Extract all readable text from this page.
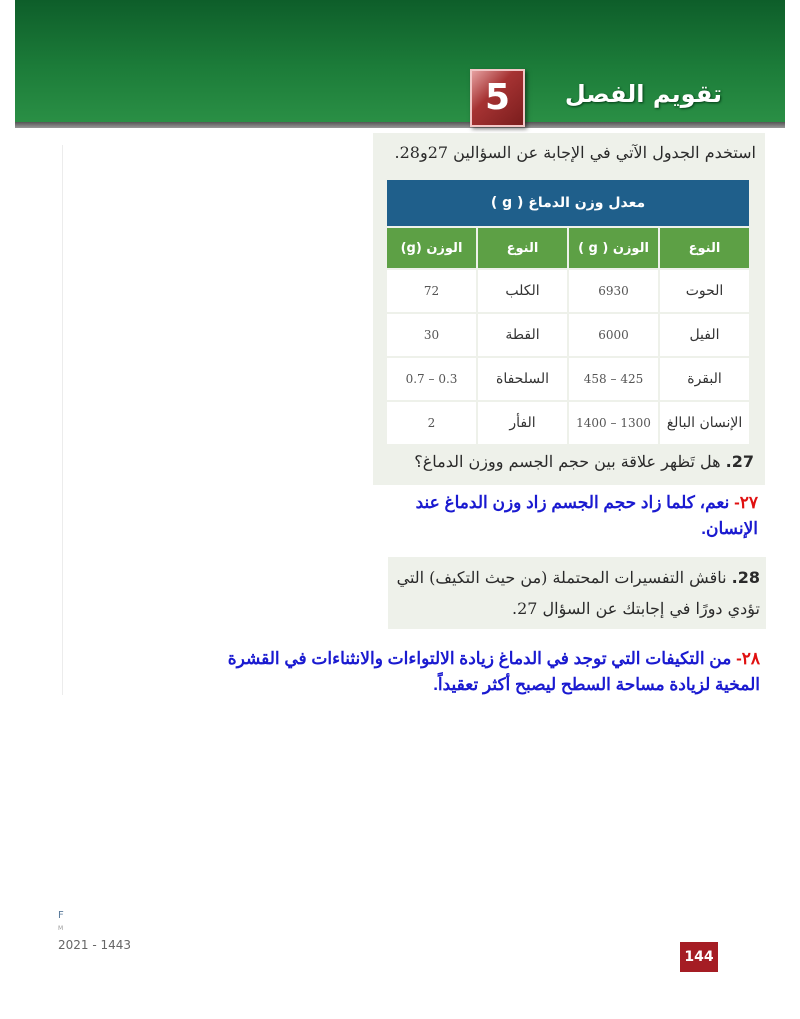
تقويم الفصل
5
استخدم الجدول الآتي في الإجابة عن السؤالين 27و28.
معدل وزن الدماغ ( g )			
النوع	الوزن ( g )	النوع	الوزن (g)
الحوت	6930	الكلب	72
الفيل	6000	القطة	30
البقرة	425 – 458	السلحفاة	0.3 – 0.7
الإنسان البالغ	1300 – 1400	الفأر	2
27. هل تَظهر علاقة بين حجم الجسم ووزن الدماغ؟
٢٧- نعم، كلما زاد حجم الجسم زاد وزن الدماغ عند الإنسان.
28. ناقش التفسيرات المحتملة (من حيث التكيف) التي تؤدي دورًا في إجابتك عن السؤال 27.
٢٨- من التكيفات التي توجد في الدماغ زيادة الالتواءات والانثناءات في القشرة المخية لزيادة مساحة السطح ليصبح أكثر تعقيداً.
F
M
2021 - 1443
144
